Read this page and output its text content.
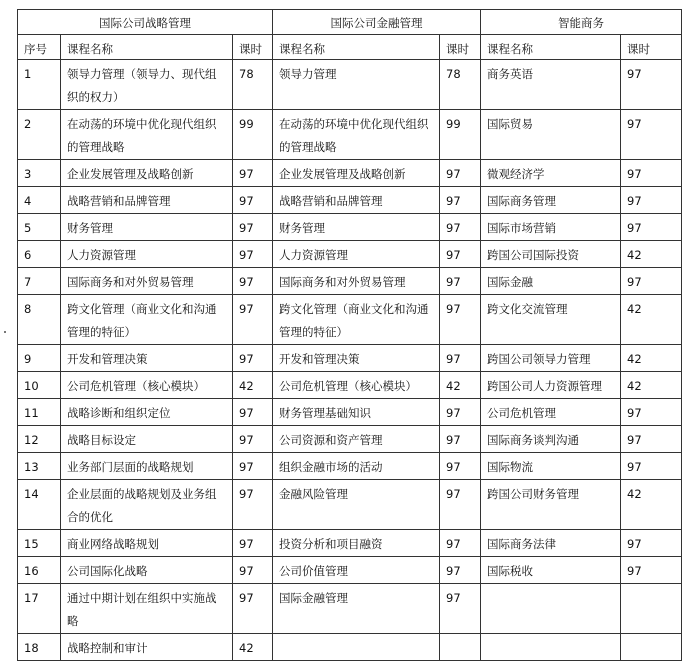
国际公司战略管理			国际公司金融管理		智能商务	
序号	课程名称	课时	课程名称	课时	课程名称	课时
1	领导力管理（领导力、现代组织的权力）	78	领导力管理	78	商务英语	97
2	在动荡的环境中优化现代组织的管理战略	99	在动荡的环境中优化现代组织的管理战略	99	国际贸易	97
3	企业发展管理及战略创新	97	企业发展管理及战略创新	97	微观经济学	97
4	战略营销和品牌管理	97	战略营销和品牌管理	97	国际商务管理	97
5	财务管理	97	财务管理	97	国际市场营销	97
6	人力资源管理	97	人力资源管理	97	跨国公司国际投资	42
7	国际商务和对外贸易管理	97	国际商务和对外贸易管理	97	国际金融	97
8	跨文化管理（商业文化和沟通管理的特征）	97	跨文化管理（商业文化和沟通管理的特征）	97	跨文化交流管理	42
9	开发和管理决策	97	开发和管理决策	97	跨国公司领导力管理	42
10	公司危机管理（核心模块）	42	公司危机管理（核心模块）	42	跨国公司人力资源管理	42
11	战略诊断和组织定位	97	财务管理基础知识	97	公司危机管理	97
12	战略目标设定	97	公司资源和资产管理	97	国际商务谈判沟通	97
13	业务部门层面的战略规划	97	组织金融市场的活动	97	国际物流	97
14	企业层面的战略规划及业务组合的优化	97	金融风险管理	97	跨国公司财务管理	42
15	商业网络战略规划	97	投资分析和项目融资	97	国际商务法律	97
16	公司国际化战略	97	公司价值管理	97	国际税收	97
17	通过中期计划在组织中实施战略	97	国际金融管理	97		
18	战略控制和审计	42				
